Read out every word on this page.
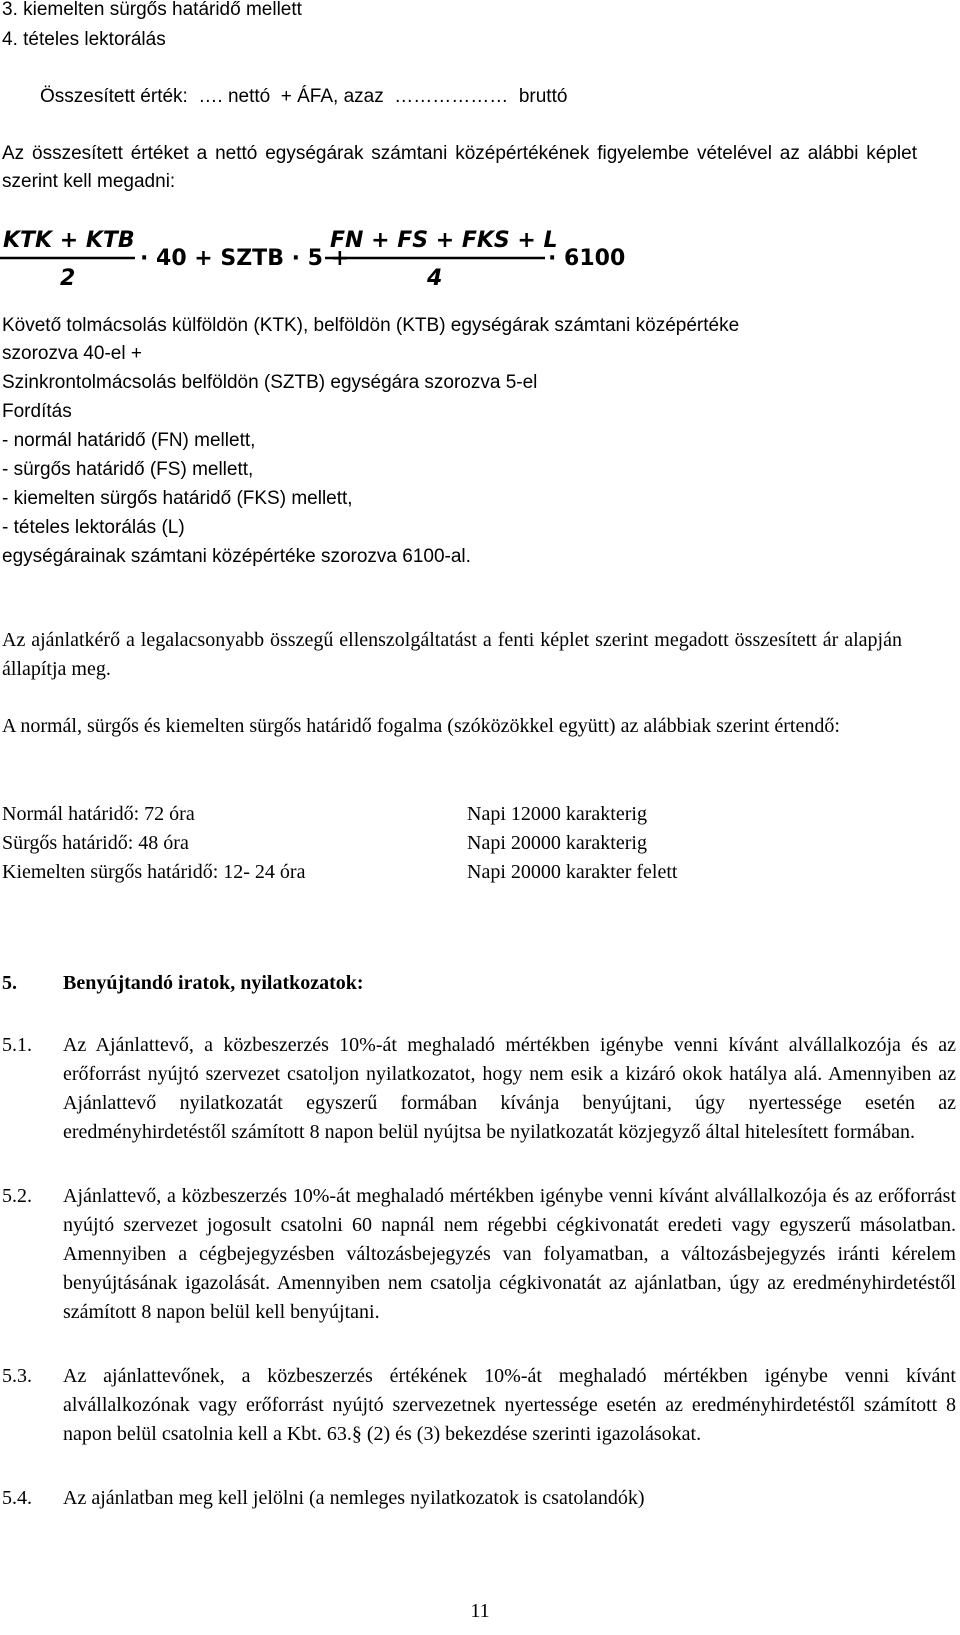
3. kiemelten sürgős határidő mellett
4. tételes lektorálás
Összesített érték:  …. nettó  + ÁFA, azaz  ………………  bruttó
Az összesített értéket a nettó egységárak számtani középértékének figyelembe vételével az alábbi képlet szerint kell megadni:
KTK + KTB
2
· 40 + SZTB · 5 +
FN + FS + FKS + L
4
· 6100
Követő tolmácsolás külföldön (KTK), belföldön (KTB) egységárak számtani középértéke
szorozva 40-el +
Szinkrontolmácsolás belföldön (SZTB) egységára szorozva 5-el
Fordítás
- normál határidő (FN) mellett,
- sürgős határidő (FS) mellett,
- kiemelten sürgős határidő (FKS) mellett,
- tételes lektorálás (L)
egységárainak számtani középértéke szorozva 6100-al.
Az ajánlatkérő a legalacsonyabb összegű ellenszolgáltatást a fenti képlet szerint megadott összesített ár alapján állapítja meg.
A normál, sürgős és kiemelten sürgős határidő fogalma (szóközökkel együtt) az alábbiak szerint értendő:
Normál határidő: 72 óra	Napi 12000 karakterig
Sürgős határidő: 48 óra	Napi 20000 karakterig
Kiemelten sürgős határidő: 12- 24 óra	Napi 20000 karakter felett
5. Benyújtandó iratok, nyilatkozatok:
5.1. Az Ajánlattevő, a közbeszerzés 10%-át meghaladó mértékben igénybe venni kívánt alvállalkozója és az erőforrást nyújtó szervezet csatoljon nyilatkozatot, hogy nem esik a kizáró okok hatálya alá. Amennyiben az Ajánlattevő nyilatkozatát egyszerű formában kívánja benyújtani, úgy nyertessége esetén az eredményhirdetéstől számított 8 napon belül nyújtsa be nyilatkozatát közjegyző által hitelesített formában.
5.2. Ajánlattevő, a közbeszerzés 10%-át meghaladó mértékben igénybe venni kívánt alvállalkozója és az erőforrást nyújtó szervezet jogosult csatolni 60 napnál nem régebbi cégkivonatát eredeti vagy egyszerű másolatban. Amennyiben a cégbejegyzésben változásbejegyzés van folyamatban, a változásbejegyzés iránti kérelem benyújtásának igazolását. Amennyiben nem csatolja cégkivonatát az ajánlatban, úgy az eredményhirdetéstől számított 8 napon belül kell benyújtani.
5.3. Az ajánlattevőnek, a közbeszerzés értékének 10%-át meghaladó mértékben igénybe venni kívánt alvállalkozónak vagy erőforrást nyújtó szervezetnek nyertessége esetén az eredményhirdetéstől számított 8 napon belül csatolnia kell a Kbt. 63.§ (2) és (3) bekezdése szerinti igazolásokat.
5.4. Az ajánlatban meg kell jelölni (a nemleges nyilatkozatok is csatolandók)
11
